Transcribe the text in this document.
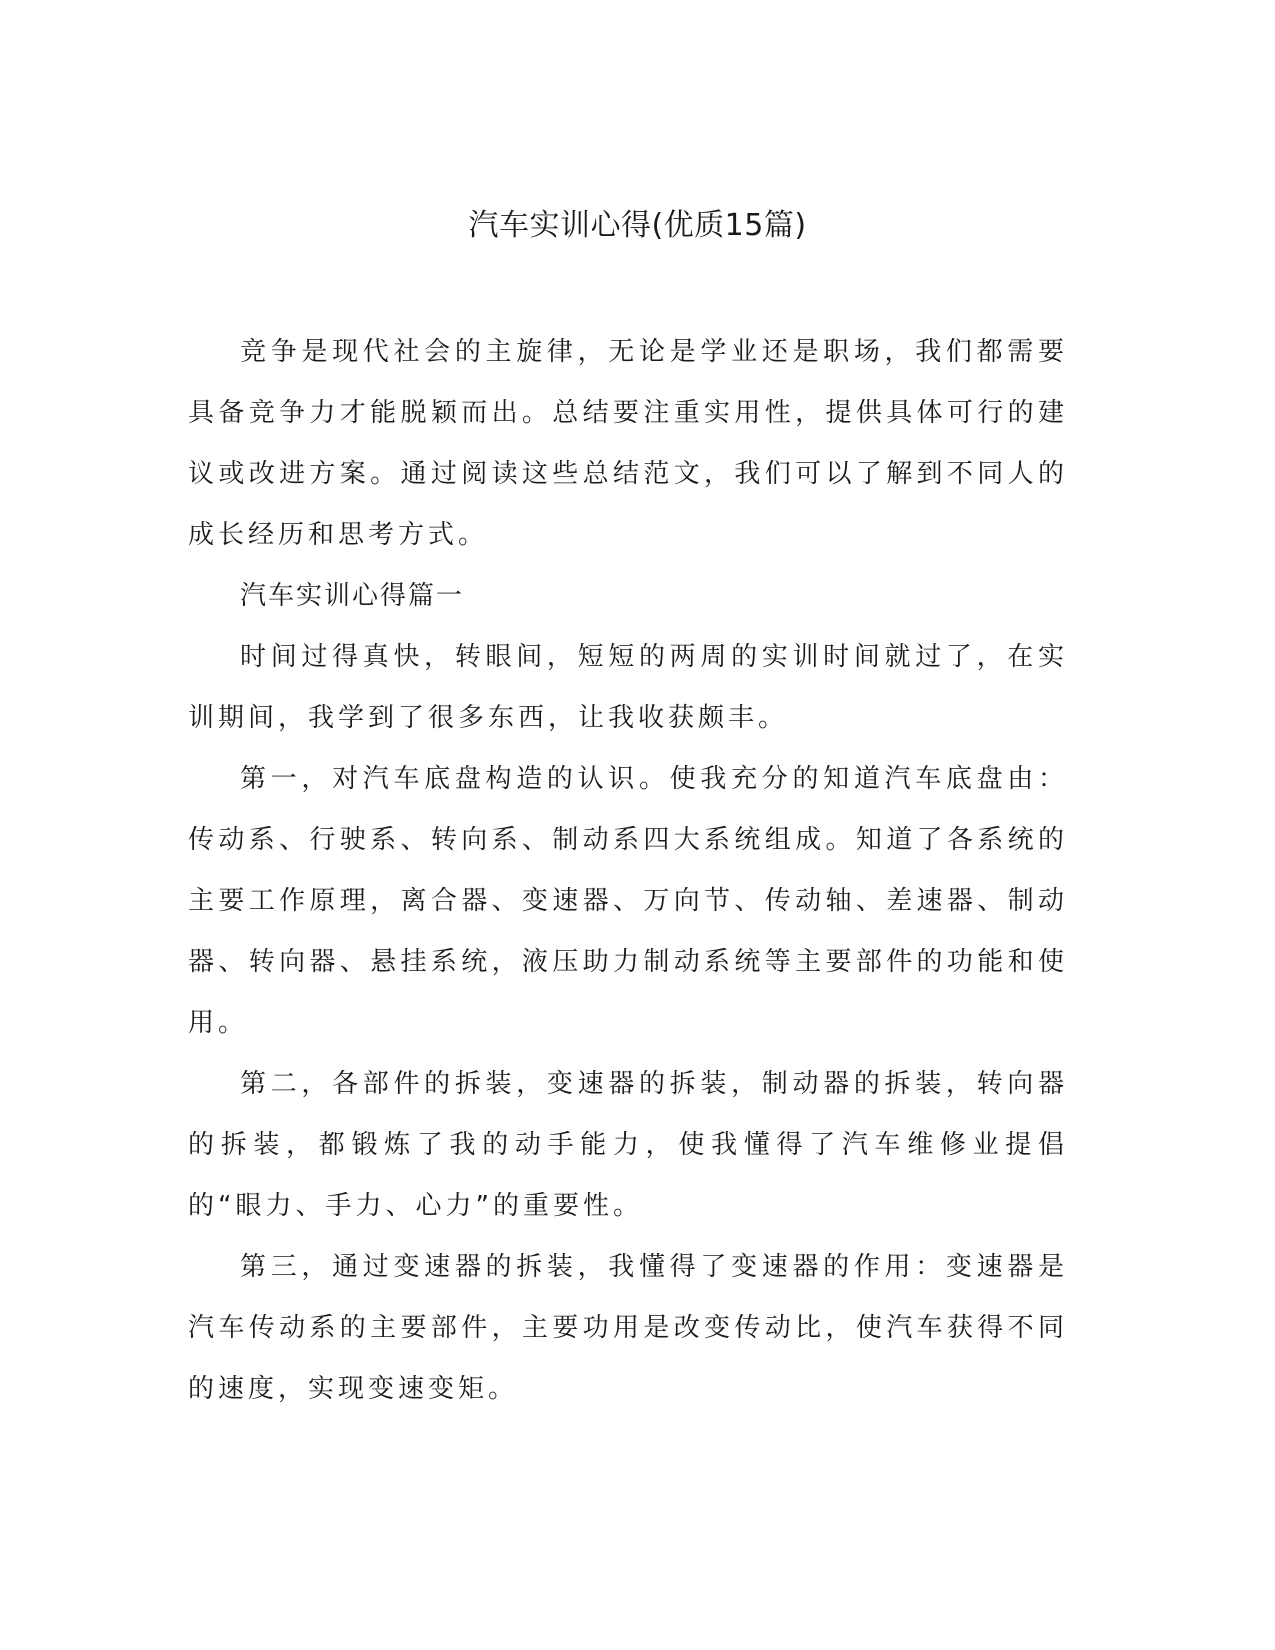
汽车实训心得(优质15篇)

竞争是现代社会的主旋律，无论是学业还是职场，我们都需要具备竞争力才能脱颖而出。总结要注重实用性，提供具体可行的建议或改进方案。通过阅读这些总结范文，我们可以了解到不同人的成长经历和思考方式。

汽车实训心得篇一

时间过得真快，转眼间，短短的两周的实训时间就过了，在实训期间，我学到了很多东西，让我收获颇丰。

第一，对汽车底盘构造的认识。使我充分的知道汽车底盘由：传动系、行驶系、转向系、制动系四大系统组成。知道了各系统的主要工作原理，离合器、变速器、万向节、传动轴、差速器、制动器、转向器、悬挂系统，液压助力制动系统等主要部件的功能和使用。

第二，各部件的拆装，变速器的拆装，制动器的拆装，转向器的拆装，都锻炼了我的动手能力，使我懂得了汽车维修业提倡的“眼力、手力、心力”的重要性。

第三，通过变速器的拆装，我懂得了变速器的作用：变速器是汽车传动系的主要部件，主要功用是改变传动比，使汽车获得不同的速度，实现变速变矩。
